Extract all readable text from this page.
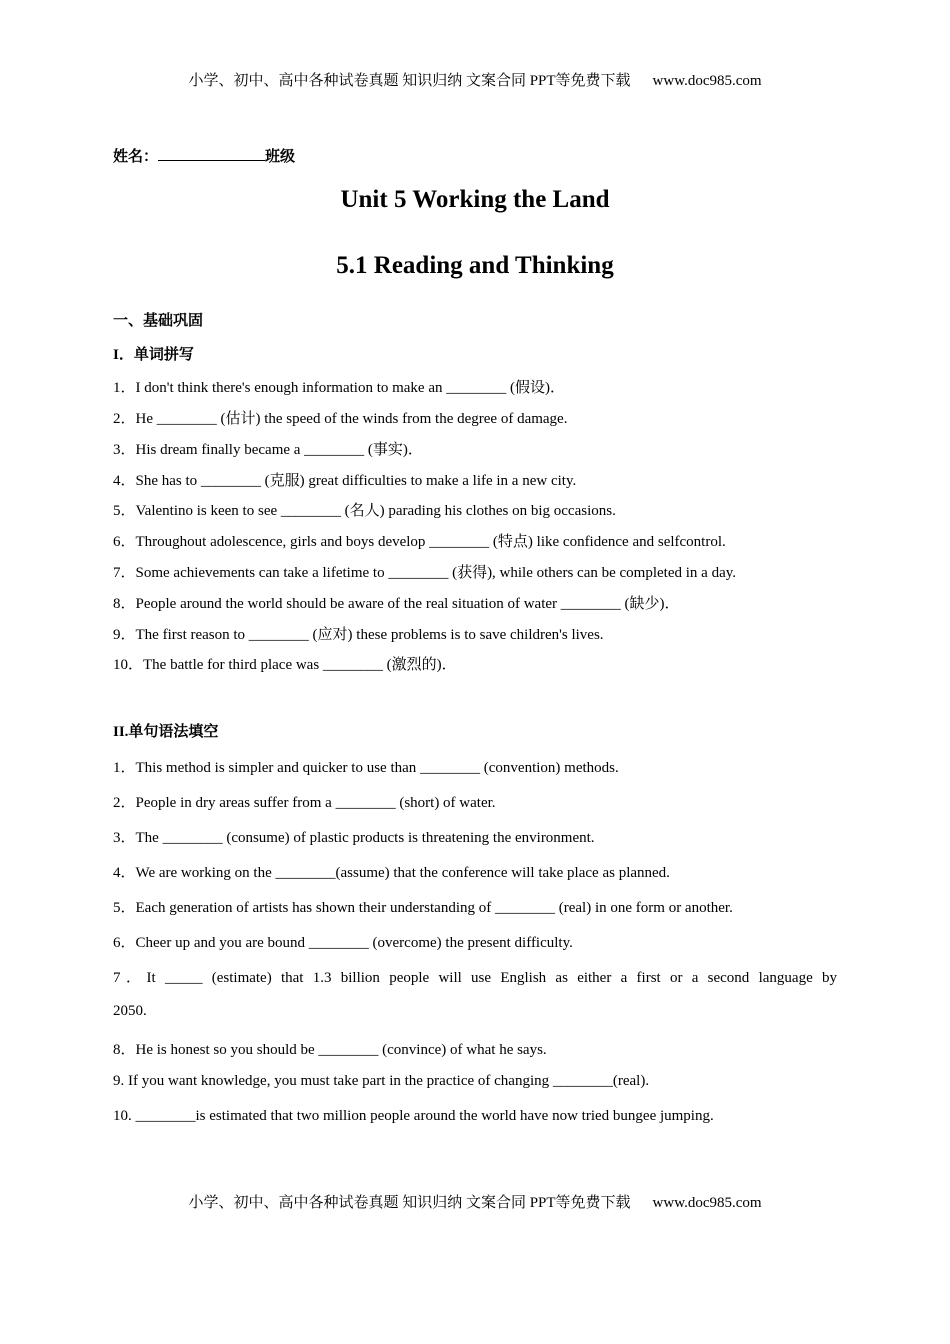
小学、初中、高中各种试卷真题 知识归纳 文案合同 PPT等免费下载 www.doc985.com
姓名：	班级
Unit 5 Working the Land
5.1 Reading and Thinking
一、基础巩固
I．单词拼写
1．I don't think there's enough information to make an ________ (假设)．
2．He ________ (估计) the speed of the winds from the degree of damage.
3．His dream finally became a ________ (事实)．
4．She has to ________ (克服) great difficulties to make a life in a new city.
5．Valentino is keen to see ________ (名人) parading his clothes on big occasions.
6．Throughout adolescence, girls and boys develop ________ (特点) like confidence and selfcontrol.
7．Some achievements can take a lifetime to ________ (获得), while others can be completed in a day.
8．People around the world should be aware of the real situation of water ________ (缺少)．
9．The first reason to ________ (应对) these problems is to save children's lives.
10．The battle for third place was ________ (激烈的)．
II.单句语法填空
1．This method is simpler and quicker to use than ________ (convention) methods.
2．People in dry areas suffer from a ________ (short) of water.
3．The ________ (consume) of plastic products is threatening the environment.
4．We are working on the ________(assume) that the conference will take place as planned.
5．Each generation of artists has shown their understanding of ________ (real) in one form or another.
6．Cheer up and you are bound ________ (overcome) the present difficulty.
7．It _____ (estimate) that 1.3 billion people will use English as either a first or a second language by
2050.
8．He is honest so you should be ________ (convince) of what he says.
9. If you want knowledge, you must take part in the practice of changing ________(real).
10. ________is estimated that two million people around the world have now tried bungee jumping.
小学、初中、高中各种试卷真题 知识归纳 文案合同 PPT等免费下载 www.doc985.com
